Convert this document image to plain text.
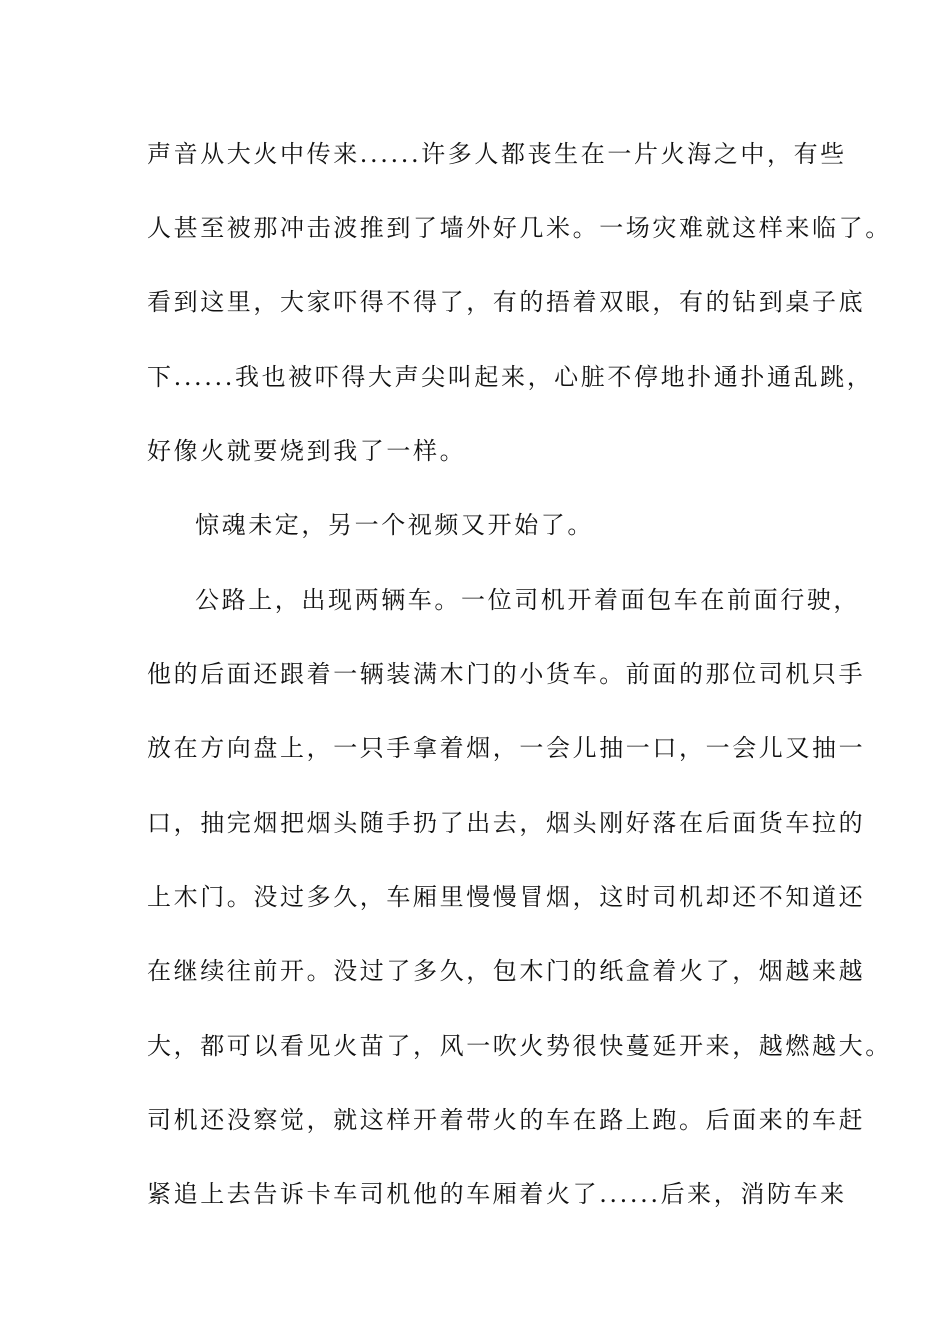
声音从大火中传来......许多人都丧生在一片火海之中，有些
人甚至被那冲击波推到了墙外好几米。一场灾难就这样来临了。
看到这里，大家吓得不得了，有的捂着双眼，有的钻到桌子底
下......我也被吓得大声尖叫起来，心脏不停地扑通扑通乱跳，
好像火就要烧到我了一样。
惊魂未定，另一个视频又开始了。
公路上，出现两辆车。一位司机开着面包车在前面行驶，
他的后面还跟着一辆装满木门的小货车。前面的那位司机只手
放在方向盘上，一只手拿着烟，一会儿抽一口，一会儿又抽一
口，抽完烟把烟头随手扔了出去，烟头刚好落在后面货车拉的
上木门。没过多久，车厢里慢慢冒烟，这时司机却还不知道还
在继续往前开。没过了多久，包木门的纸盒着火了，烟越来越
大，都可以看见火苗了，风一吹火势很快蔓延开来，越燃越大。
司机还没察觉，就这样开着带火的车在路上跑。后面来的车赶
紧追上去告诉卡车司机他的车厢着火了......后来，消防车来
